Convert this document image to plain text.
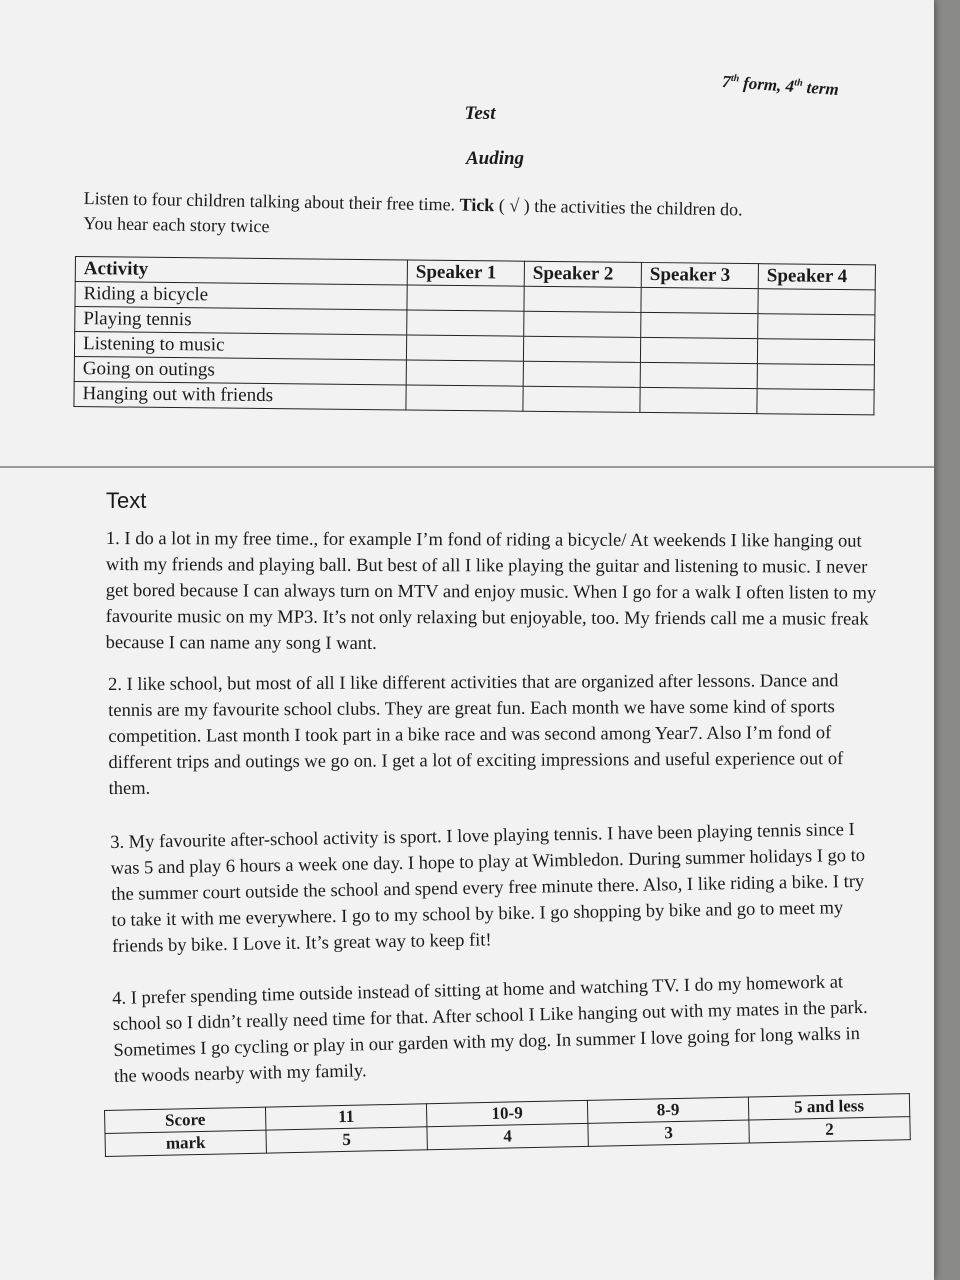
7th form, 4th term
Test
Auding
Listen to four children talking about their free time. Tick ( √ ) the activities the children do.
You hear each story twice
Activity	Speaker 1	Speaker 2	Speaker 3	Speaker 4
Riding a bicycle				
Playing tennis				
Listening to music				
Going on outings				
Hanging out with friends				
Text

1. I do a lot in my free time., for example I’m fond of riding a bicycle/ At weekends I like hanging out with my friends and playing ball. But best of all I like playing the guitar and listening to music. I never get bored because I can always turn on MTV and enjoy music. When I go for a walk I often listen to my favourite music on my MP3. It’s not only relaxing but enjoyable, too. My friends call me a music freak because I can name any song I want.

2. I like school, but most of all I like different activities that are organized after lessons. Dance and tennis are my favourite school clubs. They are great fun. Each month we have some kind of sports competition. Last month I took part in a bike race and was second among Year7. Also I’m fond of different trips and outings we go on. I get a lot of exciting impressions and useful experience out of them.

3. My favourite after-school activity is sport. I love playing tennis. I have been playing tennis since I was 5 and play 6 hours a week one day. I hope to play at Wimbledon. During summer holidays I go to the summer court outside the school and spend every free minute there. Also, I like riding a bike. I try to take it with me everywhere. I go to my school by bike. I go shopping by bike and go to meet my friends by bike. I Love it. It’s great way to keep fit!

4. I prefer spending time outside instead of sitting at home and watching TV. I do my homework at school so I didn’t really need time for that. After school I Like hanging out with my mates in the park. Sometimes I go cycling or play in our garden with my dog. In summer I love going for long walks in the woods nearby with my family.

Score	11	10-9	8-9	5 and less
mark	5	4	3	2
